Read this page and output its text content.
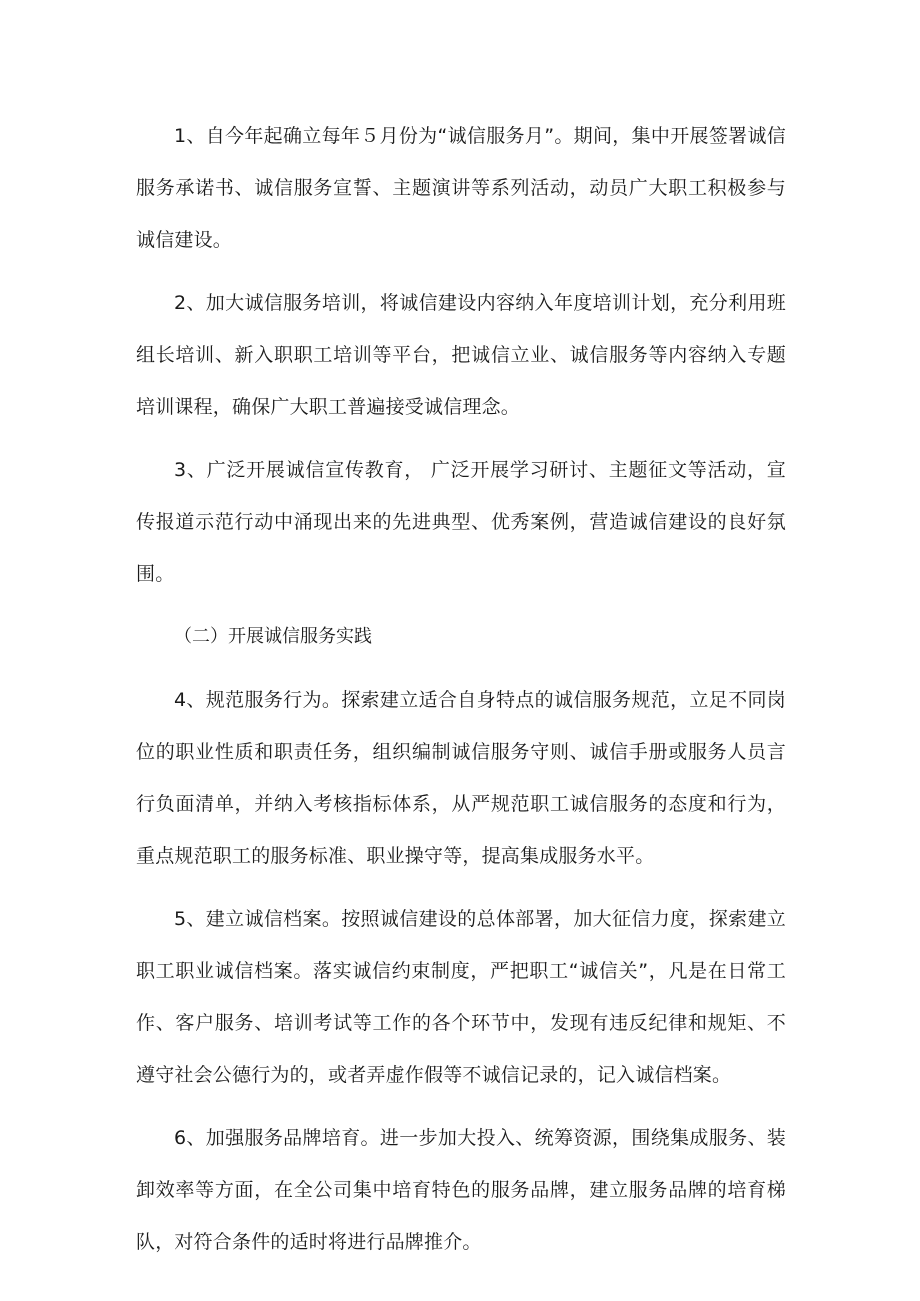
1、自今年起确立每年５月份为“诚信服务月”。期间，集中开展签署诚信服务承诺书、诚信服务宣誓、主题演讲等系列活动，动员广大职工积极参与诚信建设。

2、加大诚信服务培训，将诚信建设内容纳入年度培训计划，充分利用班组长培训、新入职职工培训等平台，把诚信立业、诚信服务等内容纳入专题培训课程，确保广大职工普遍接受诚信理念。

3、广泛开展诚信宣传教育， 广泛开展学习研讨、主题征文等活动，宣传报道示范行动中涌现出来的先进典型、优秀案例，营造诚信建设的良好氛围。

（二）开展诚信服务实践

4、规范服务行为。探索建立适合自身特点的诚信服务规范，立足不同岗位的职业性质和职责任务，组织编制诚信服务守则、诚信手册或服务人员言行负面清单，并纳入考核指标体系，从严规范职工诚信服务的态度和行为，重点规范职工的服务标准、职业操守等，提高集成服务水平。

5、建立诚信档案。按照诚信建设的总体部署，加大征信力度，探索建立职工职业诚信档案。落实诚信约束制度，严把职工“诚信关”，凡是在日常工作、客户服务、培训考试等工作的各个环节中，发现有违反纪律和规矩、不遵守社会公德行为的，或者弄虚作假等不诚信记录的，记入诚信档案。

6、加强服务品牌培育。进一步加大投入、统筹资源，围绕集成服务、装卸效率等方面，在全公司集中培育特色的服务品牌，建立服务品牌的培育梯队，对符合条件的适时将进行品牌推介。
